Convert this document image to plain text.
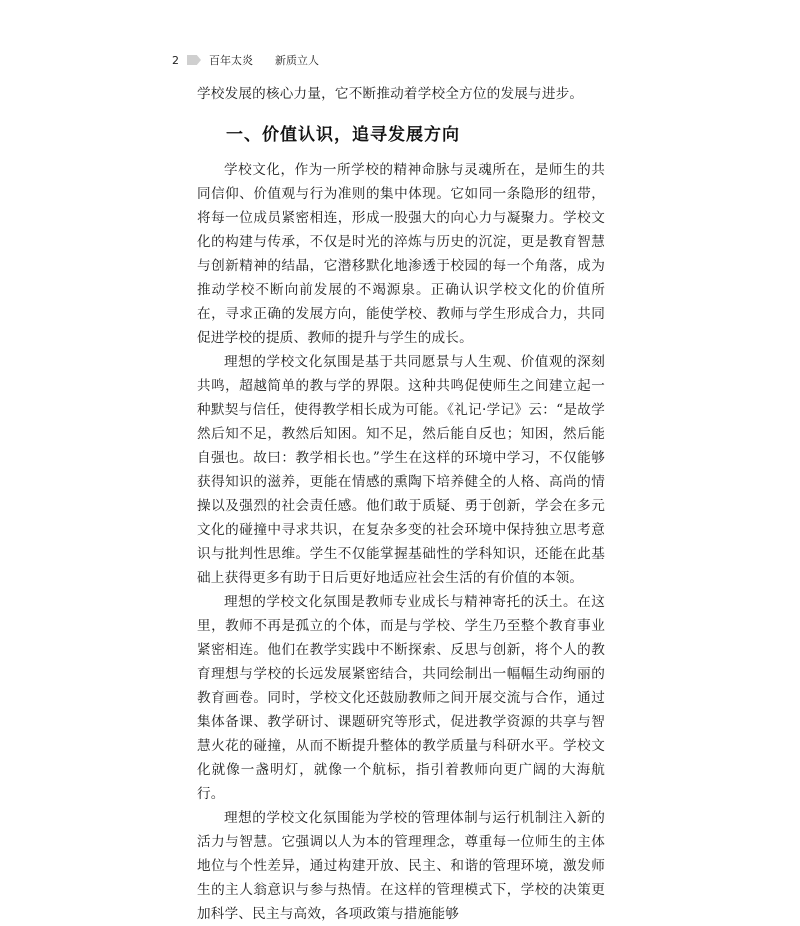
2	百年太炎 新质立人

学校发展的核心力量，它不断推动着学校全方位的发展与进步。

一、价值认识，追寻发展方向

学校文化，作为一所学校的精神命脉与灵魂所在，是师生的共同信仰、价值观与行为准则的集中体现。它如同一条隐形的纽带，将每一位成员紧密相连，形成一股强大的向心力与凝聚力。学校文化的构建与传承，不仅是时光的淬炼与历史的沉淀，更是教育智慧与创新精神的结晶，它潜移默化地渗透于校园的每一个角落，成为推动学校不断向前发展的不竭源泉。正确认识学校文化的价值所在，寻求正确的发展方向，能使学校、教师与学生形成合力，共同促进学校的提质、教师的提升与学生的成长。

理想的学校文化氛围是基于共同愿景与人生观、价值观的深刻共鸣，超越简单的教与学的界限。这种共鸣促使师生之间建立起一种默契与信任，使得教学相长成为可能。《礼记·学记》云：“是故学然后知不足，教然后知困。知不足，然后能自反也；知困，然后能自强也。故曰：教学相长也。”学生在这样的环境中学习，不仅能够获得知识的滋养，更能在情感的熏陶下培养健全的人格、高尚的情操以及强烈的社会责任感。他们敢于质疑、勇于创新，学会在多元文化的碰撞中寻求共识，在复杂多变的社会环境中保持独立思考意识与批判性思维。学生不仅能掌握基础性的学科知识，还能在此基础上获得更多有助于日后更好地适应社会生活的有价值的本领。

理想的学校文化氛围是教师专业成长与精神寄托的沃土。在这里，教师不再是孤立的个体，而是与学校、学生乃至整个教育事业紧密相连。他们在教学实践中不断探索、反思与创新，将个人的教育理想与学校的长远发展紧密结合，共同绘制出一幅幅生动绚丽的教育画卷。同时，学校文化还鼓励教师之间开展交流与合作，通过集体备课、教学研讨、课题研究等形式，促进教学资源的共享与智慧火花的碰撞，从而不断提升整体的教学质量与科研水平。学校文化就像一盏明灯，就像一个航标，指引着教师向更广阔的大海航行。

理想的学校文化氛围能为学校的管理体制与运行机制注入新的活力与智慧。它强调以人为本的管理理念，尊重每一位师生的主体地位与个性差异，通过构建开放、民主、和谐的管理环境，激发师生的主人翁意识与参与热情。在这样的管理模式下，学校的决策更加科学、民主与高效，各项政策与措施能够
